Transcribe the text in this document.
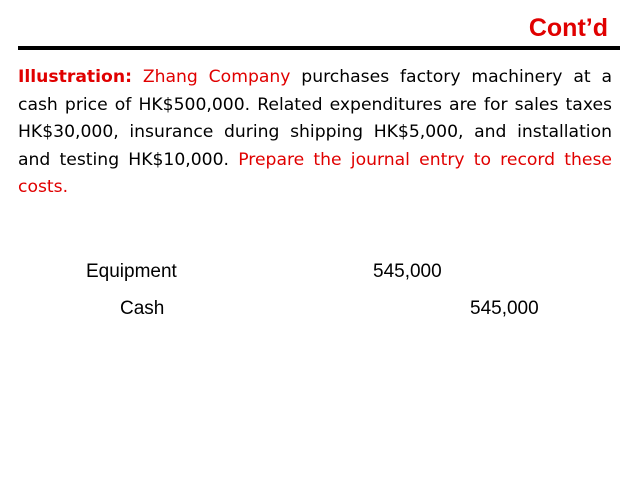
Cont’d

Illustration: Zhang Company purchases factory machinery at a cash price of HK$500,000. Related expenditures are for sales taxes HK$30,000, insurance during shipping HK$5,000, and installation and testing HK$10,000. Prepare the journal entry to record these costs.

Equipment	545,000
Cash	545,000
